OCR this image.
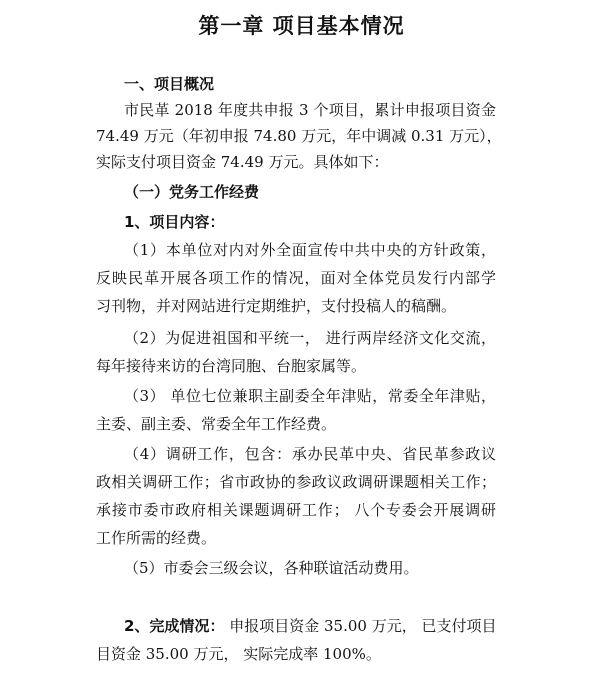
第一章 项目基本情况
一、项目概况
市民革 2018 年度共申报 3 个项目，累计申报项目资金
74.49 万元（年初申报 74.80 万元，年中调减 0.31 万元），
实际支付项目资金 74.49 万元。具体如下：
（一）党务工作经费
1、项目内容：
（1）本单位对内对外全面宣传中共中央的方针政策，
反映民革开展各项工作的情况，面对全体党员发行内部学
习刊物，并对网站进行定期维护，支付投稿人的稿酬。
（2）为促进祖国和平统一， 进行两岸经济文化交流，
每年接待来访的台湾同胞、台胞家属等。
（3） 单位七位兼职主副委全年津贴，常委全年津贴，
主委、副主委、常委全年工作经费。
（4）调研工作，包含：承办民革中央、省民革参政议
政相关调研工作；省市政协的参政议政调研课题相关工作；
承接市委市政府相关课题调研工作； 八个专委会开展调研
工作所需的经费。
（5）市委会三级会议，各种联谊活动费用。
2、完成情况： 申报项目资金 35.00 万元， 已支付项目
目资金 35.00 万元， 实际完成率 100%。
